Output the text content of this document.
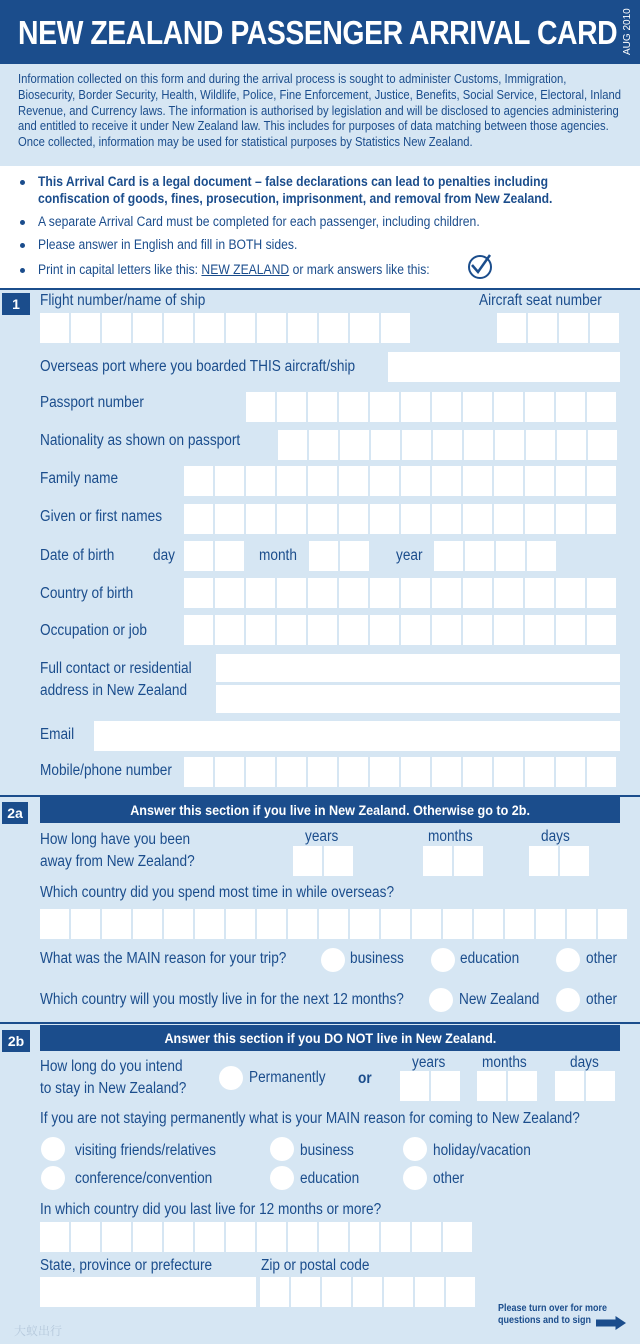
NEW ZEALAND PASSENGER ARRIVAL CARD AUG 2010
Information collected on this form and during the arrival process is sought to administer Customs, Immigration, Biosecurity, Border Security, Health, Wildlife, Police, Fine Enforcement, Justice, Benefits, Social Service, Electoral, Inland Revenue, and Currency laws. The information is authorised by legislation and will be disclosed to agencies administering and entitled to receive it under New Zealand law. This includes for purposes of data matching between those agencies. Once collected, information may be used for statistical purposes by Statistics New Zealand.
This Arrival Card is a legal document – false declarations can lead to penalties including
confiscation of goods, fines, prosecution, imprisonment, and removal from New Zealand.
A separate Arrival Card must be completed for each passenger, including children.
Please answer in English and fill in BOTH sides.
Print in capital letters like this: NEW ZEALAND or mark answers like this:
1	Flight number/name of ship	Aircraft seat number
Overseas port where you boarded THIS aircraft/ship
Passport number
Nationality as shown on passport
Family name
Given or first names
Date of birth day	month	year
Country of birth
Occupation or job
Full contact or residential
address in New Zealand
Email
Mobile/phone number
2a	Answer this section if you live in New Zealand. Otherwise go to 2b.
How long have you been
away from New Zealand?
years	months	days
Which country did you spend most time in while overseas?
What was the MAIN reason for your trip?	business	education	other
Which country will you mostly live in for the next 12 months?	New Zealand	other
2b	Answer this section if you DO NOT live in New Zealand.
How long do you intend
to stay in New Zealand?
Permanently or
years months	days
If you are not staying permanently what is your MAIN reason for coming to New Zealand?
visiting friends/relatives	business	holiday/vacation
conference/convention	education	other
In which country did you last live for 12 months or more?
State, province or prefecture	Zip or postal code
Please turn over for more
questions and to sign
大蚁出行
